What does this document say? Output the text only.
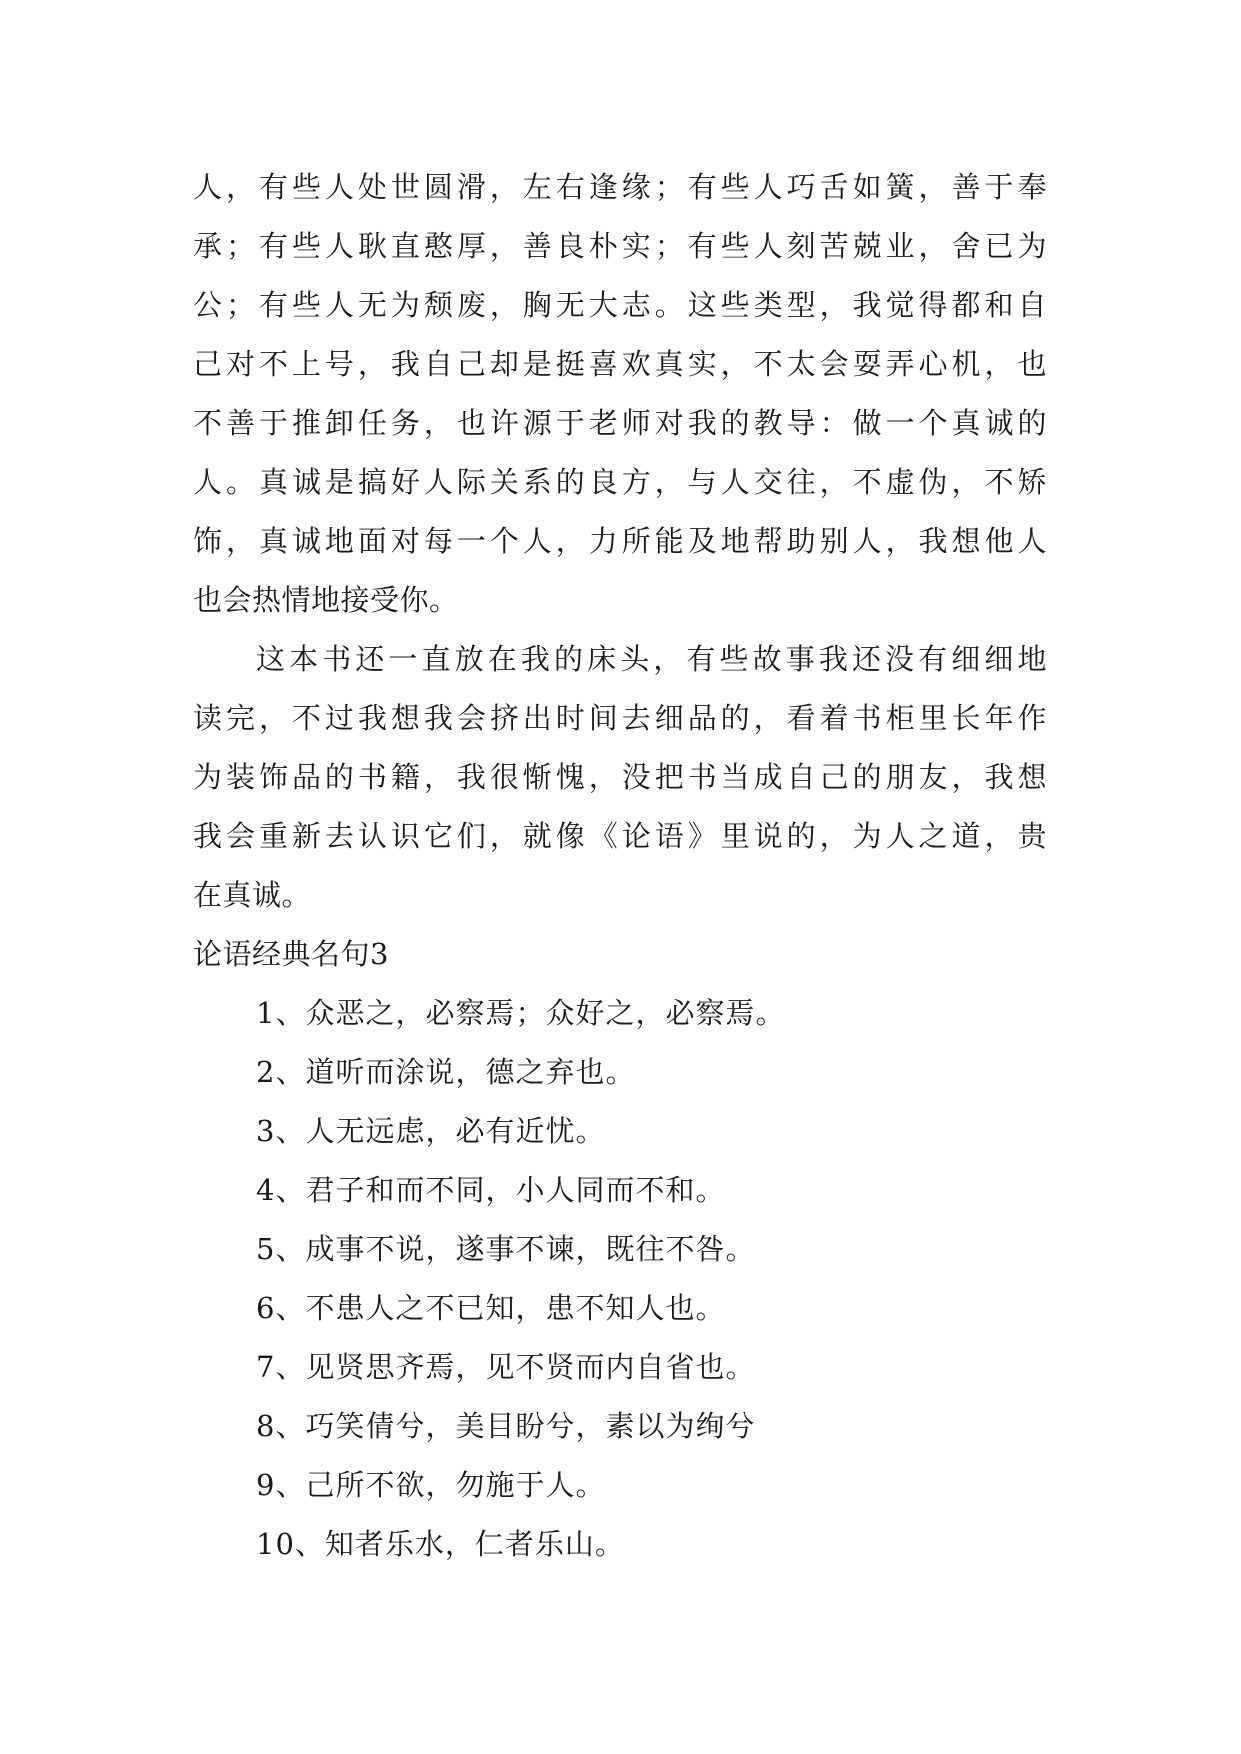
人，有些人处世圆滑，左右逢缘；有些人巧舌如簧，善于奉
承；有些人耿直憨厚，善良朴实；有些人刻苦兢业，舍已为
公；有些人无为颓废，胸无大志。这些类型，我觉得都和自
己对不上号，我自己却是挺喜欢真实，不太会耍弄心机，也
不善于推卸任务，也许源于老师对我的教导：做一个真诚的
人。真诚是搞好人际关系的良方，与人交往，不虚伪，不矫
饰，真诚地面对每一个人，力所能及地帮助别人，我想他人
也会热情地接受你。

这本书还一直放在我的床头，有些故事我还没有细细地
读完，不过我想我会挤出时间去细品的，看着书柜里长年作
为装饰品的书籍，我很惭愧，没把书当成自己的朋友，我想
我会重新去认识它们，就像《论语》里说的，为人之道，贵
在真诚。

论语经典名句3

1、众恶之，必察焉；众好之，必察焉。

2、道听而涂说，德之弃也。

3、人无远虑，必有近忧。

4、君子和而不同，小人同而不和。

5、成事不说，遂事不谏，既往不咎。

6、不患人之不已知，患不知人也。

7、见贤思齐焉，见不贤而内自省也。

8、巧笑倩兮，美目盼兮，素以为绚兮

9、己所不欲，勿施于人。

10、知者乐水，仁者乐山。
